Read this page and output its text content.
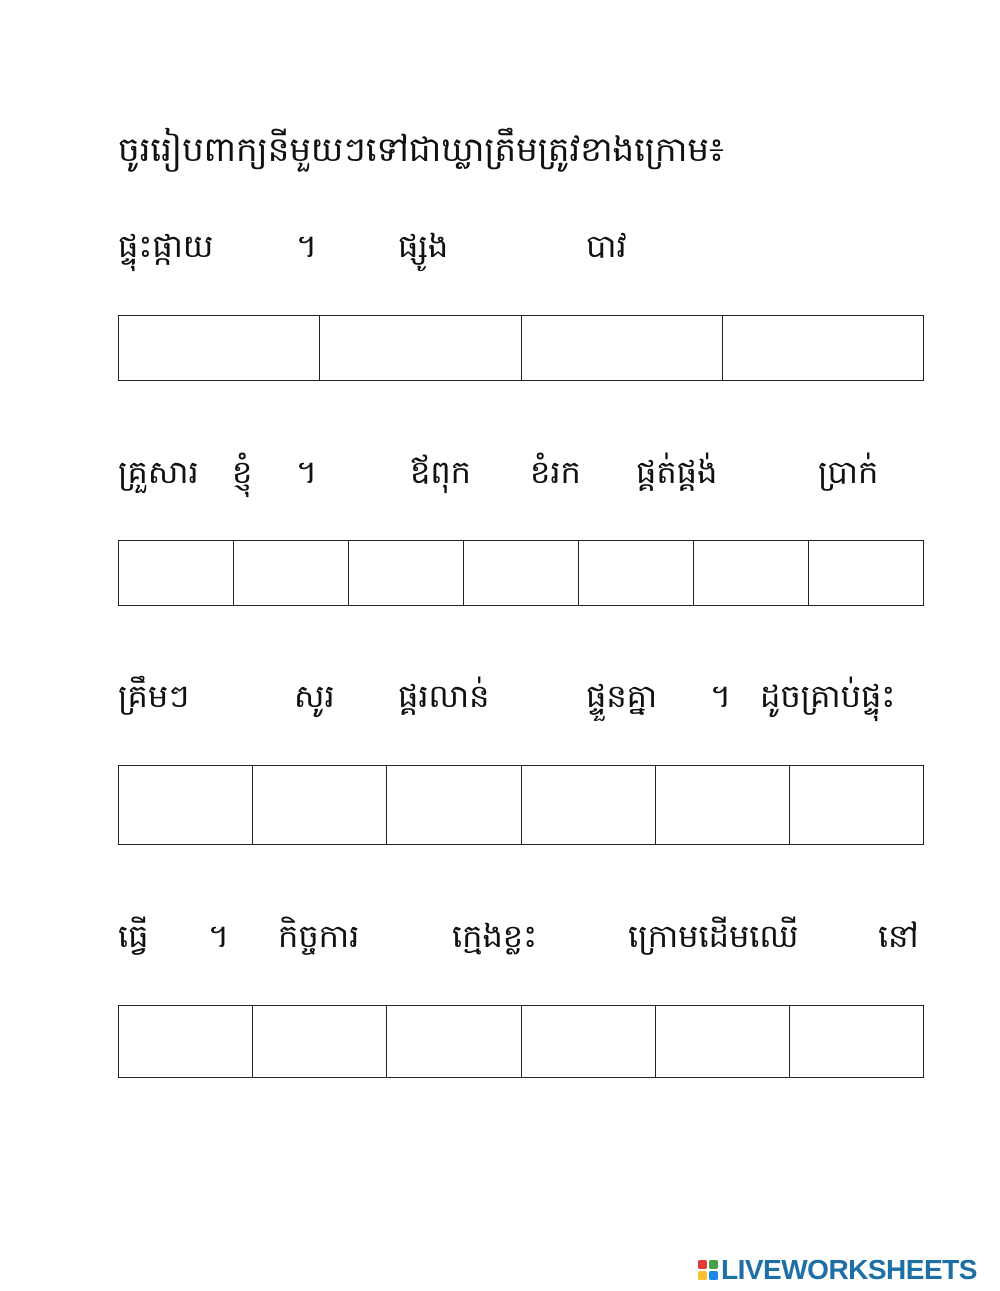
ចូររៀបពាក្យនីមួយៗទៅជាឃ្លាត្រឹមត្រូវខាងក្រោម៖
ផ្ទុះផ្កាយ	។	ផ្សូង	បាវ
គ្រួសារ ខ្ញុំ ។	ឪពុក ខំរក ផ្គត់ផ្គង់	ប្រាក់
គ្រឹមៗ	សូរ ផ្គរលាន់	ផ្ទួនគ្នា ។ ដូចគ្រាប់ផ្ទុះ
ធ្វើ ។ កិច្ចការ	ក្មេងខ្លះ	ក្រោមដើមឈើ នៅ
LIVEWORKSHEETS
